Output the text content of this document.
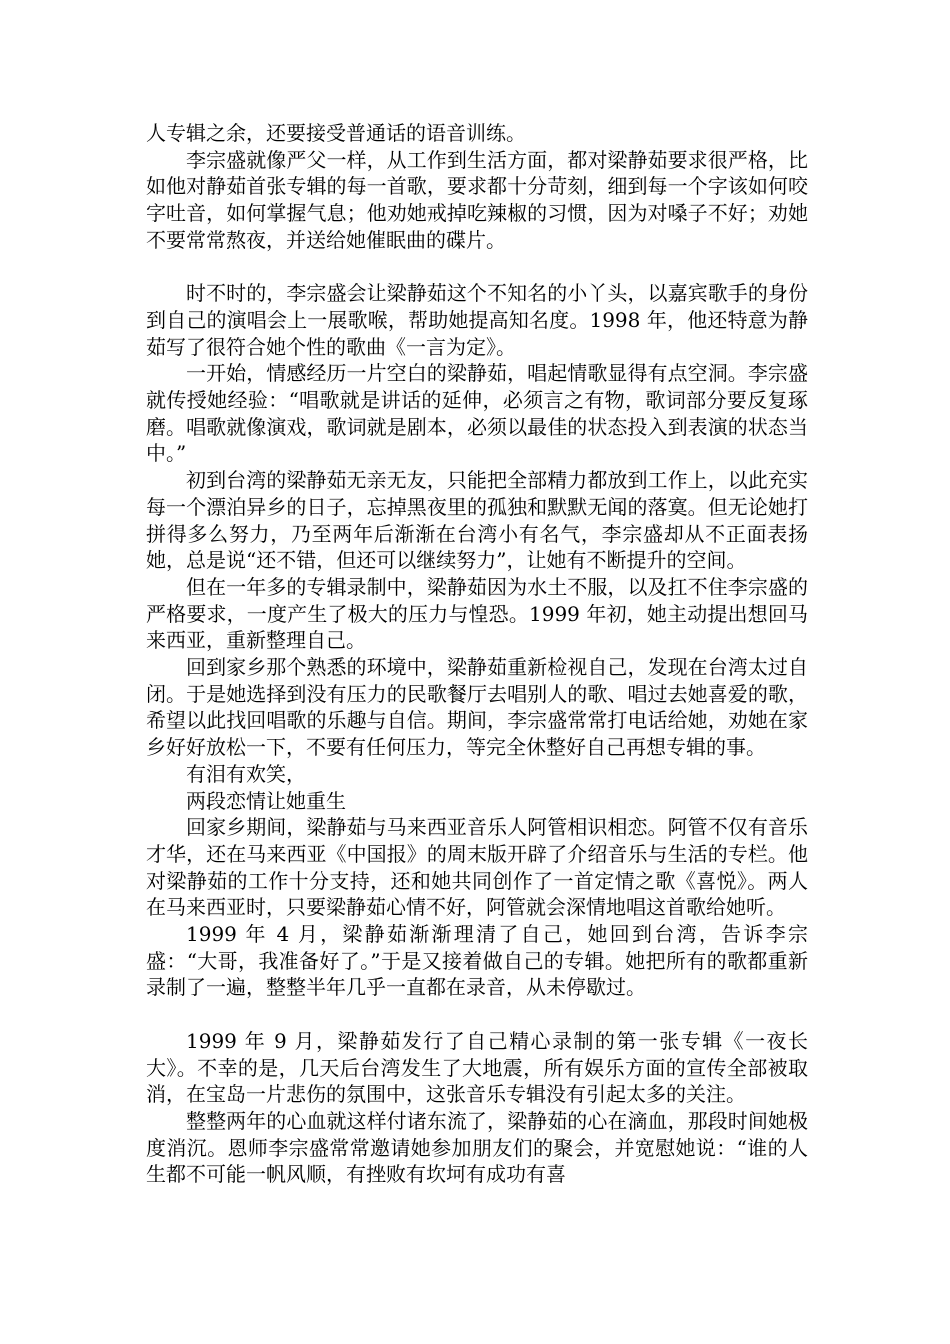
人专辑之余，还要接受普通话的语音训练。

李宗盛就像严父一样，从工作到生活方面，都对梁静茹要求很严格，比如他对静茹首张专辑的每一首歌，要求都十分苛刻，细到每一个字该如何咬字吐音，如何掌握气息；他劝她戒掉吃辣椒的习惯，因为对嗓子不好；劝她不要常常熬夜，并送给她催眠曲的碟片。

时不时的，李宗盛会让梁静茹这个不知名的小丫头，以嘉宾歌手的身份到自己的演唱会上一展歌喉，帮助她提高知名度。1998 年，他还特意为静茹写了很符合她个性的歌曲《一言为定》。

一开始，情感经历一片空白的梁静茹，唱起情歌显得有点空洞。李宗盛就传授她经验：“唱歌就是讲话的延伸，必须言之有物，歌词部分要反复琢磨。唱歌就像演戏，歌词就是剧本，必须以最佳的状态投入到表演的状态当中。”

初到台湾的梁静茹无亲无友，只能把全部精力都放到工作上，以此充实每一个漂泊异乡的日子，忘掉黑夜里的孤独和默默无闻的落寞。但无论她打拼得多么努力，乃至两年后渐渐在台湾小有名气，李宗盛却从不正面表扬她，总是说“还不错，但还可以继续努力”，让她有不断提升的空间。

但在一年多的专辑录制中，梁静茹因为水土不服，以及扛不住李宗盛的严格要求，一度产生了极大的压力与惶恐。1999 年初，她主动提出想回马来西亚，重新整理自己。

回到家乡那个熟悉的环境中，梁静茹重新检视自己，发现在台湾太过自闭。于是她选择到没有压力的民歌餐厅去唱别人的歌、唱过去她喜爱的歌，希望以此找回唱歌的乐趣与自信。期间，李宗盛常常打电话给她，劝她在家乡好好放松一下，不要有任何压力，等完全休整好自己再想专辑的事。

有泪有欢笑，

两段恋情让她重生

回家乡期间，梁静茹与马来西亚音乐人阿管相识相恋。阿管不仅有音乐才华，还在马来西亚《中国报》的周末版开辟了介绍音乐与生活的专栏。他对梁静茹的工作十分支持，还和她共同创作了一首定情之歌《喜悦》。两人在马来西亚时，只要梁静茹心情不好，阿管就会深情地唱这首歌给她听。

1999 年 4 月，梁静茹渐渐理清了自己，她回到台湾，告诉李宗盛：“大哥，我准备好了。”于是又接着做自己的专辑。她把所有的歌都重新录制了一遍，整整半年几乎一直都在录音，从未停歇过。

1999 年 9 月，梁静茹发行了自己精心录制的第一张专辑《一夜长大》。不幸的是，几天后台湾发生了大地震，所有娱乐方面的宣传全部被取消，在宝岛一片悲伤的氛围中，这张音乐专辑没有引起太多的关注。

整整两年的心血就这样付诸东流了，梁静茹的心在滴血，那段时间她极度消沉。恩师李宗盛常常邀请她参加朋友们的聚会，并宽慰她说：“谁的人生都不可能一帆风顺，有挫败有坎坷有成功有喜
